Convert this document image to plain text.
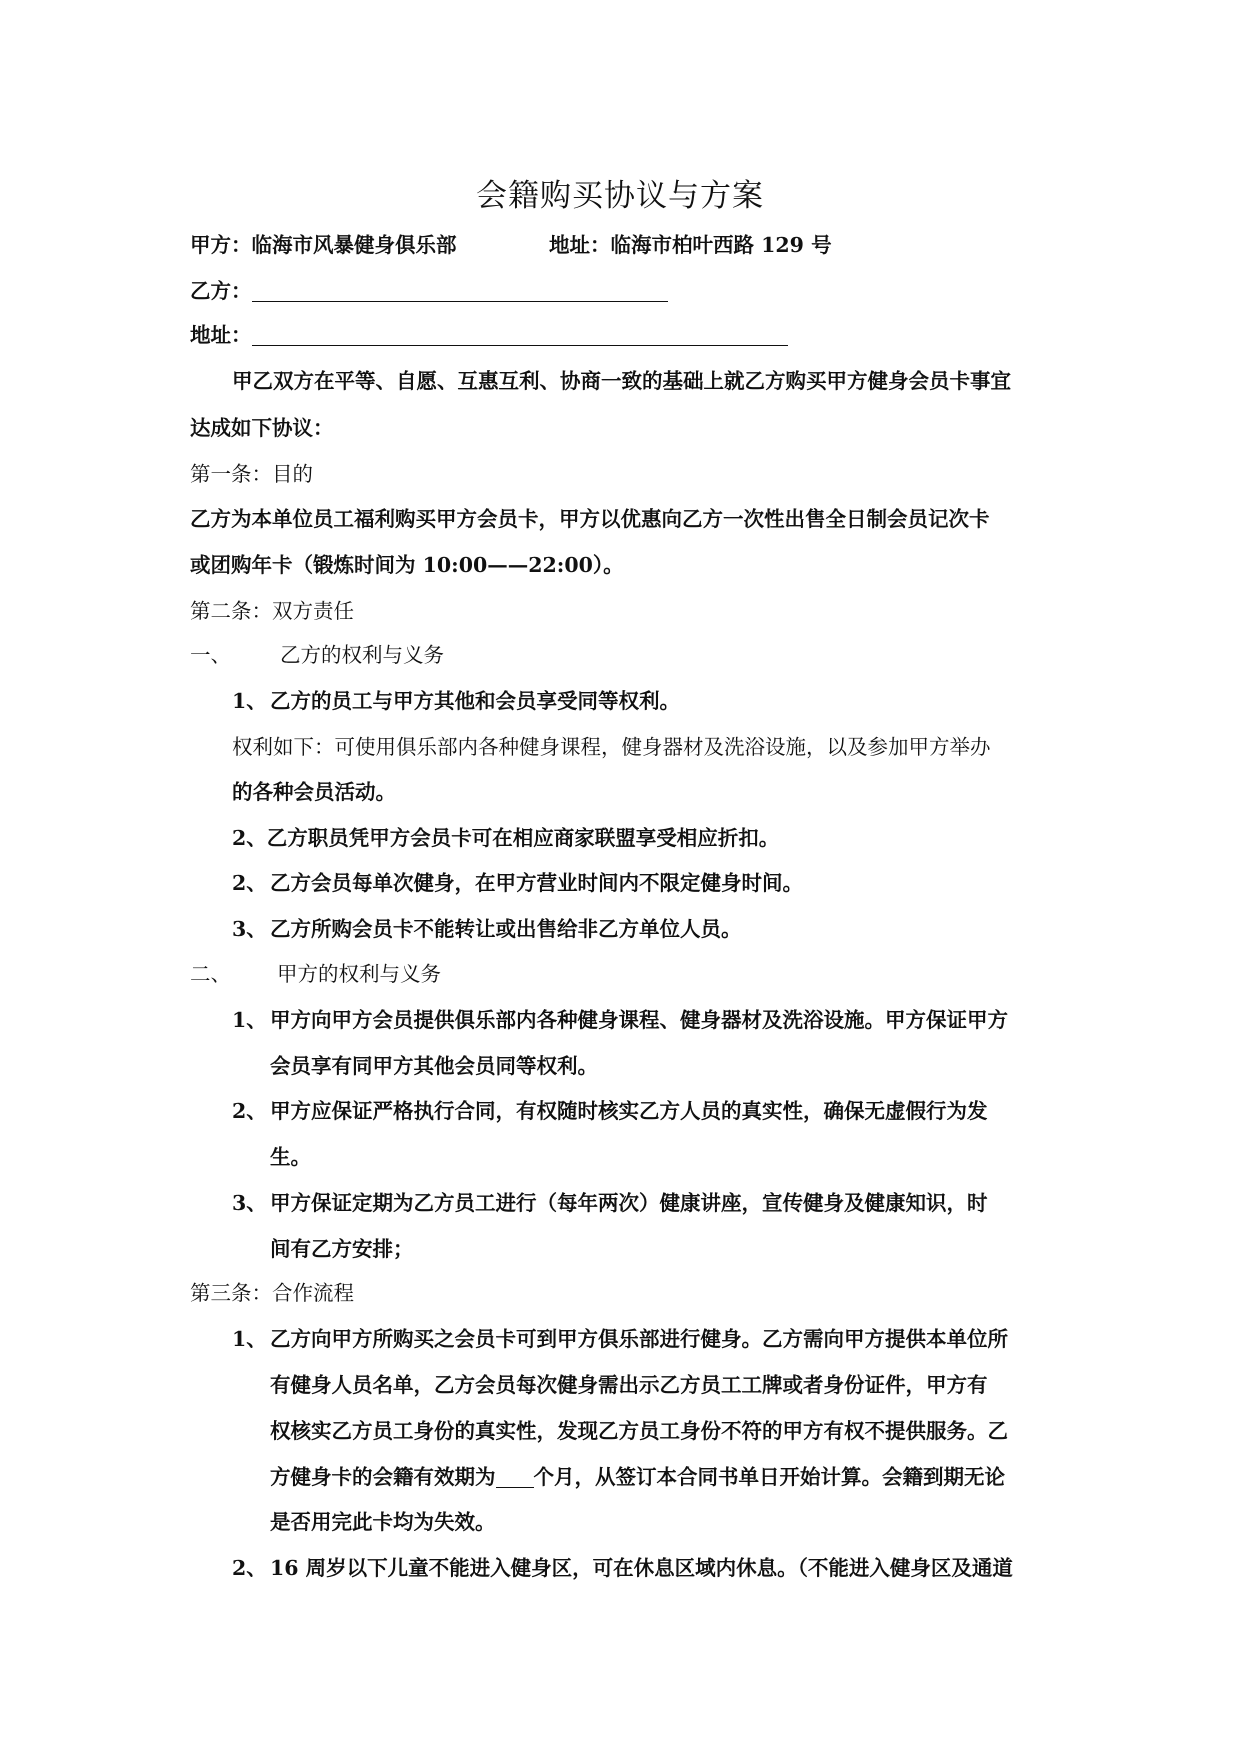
会籍购买协议与方案
甲方：临海市风暴健身俱乐部	地址：临海市柏叶西路 129 号
乙方：
地址：
甲乙双方在平等、自愿、互惠互利、协商一致的基础上就乙方购买甲方健身会员卡事宜
达成如下协议：
第一条：目的
乙方为本单位员工福利购买甲方会员卡，甲方以优惠向乙方一次性出售全日制会员记次卡
或团购年卡（锻炼时间为 10:00——22:00）。
第二条：双方责任
一、 乙方的权利与义务
1、 乙方的员工与甲方其他和会员享受同等权利。
权利如下：可使用俱乐部内各种健身课程，健身器材及洗浴设施，以及参加甲方举办
的各种会员活动。
2、乙方职员凭甲方会员卡可在相应商家联盟享受相应折扣。
2、 乙方会员每单次健身，在甲方营业时间内不限定健身时间。
3、 乙方所购会员卡不能转让或出售给非乙方单位人员。
二、 甲方的权利与义务
1、 甲方向甲方会员提供俱乐部内各种健身课程、健身器材及洗浴设施。甲方保证甲方
会员享有同甲方其他会员同等权利。
2、 甲方应保证严格执行合同，有权随时核实乙方人员的真实性，确保无虚假行为发
生。
3、 甲方保证定期为乙方员工进行（每年两次）健康讲座，宣传健身及健康知识，时
间有乙方安排；
第三条：合作流程
1、 乙方向甲方所购买之会员卡可到甲方俱乐部进行健身。乙方需向甲方提供本单位所
有健身人员名单，乙方会员每次健身需出示乙方员工工牌或者身份证件，甲方有
权核实乙方员工身份的真实性，发现乙方员工身份不符的甲方有权不提供服务。乙
方健身卡的会籍有效期为 个月，从签订本合同书单日开始计算。会籍到期无论
是否用完此卡均为失效。
2、 16 周岁以下儿童不能进入健身区，可在休息区域内休息。（不能进入健身区及通道
